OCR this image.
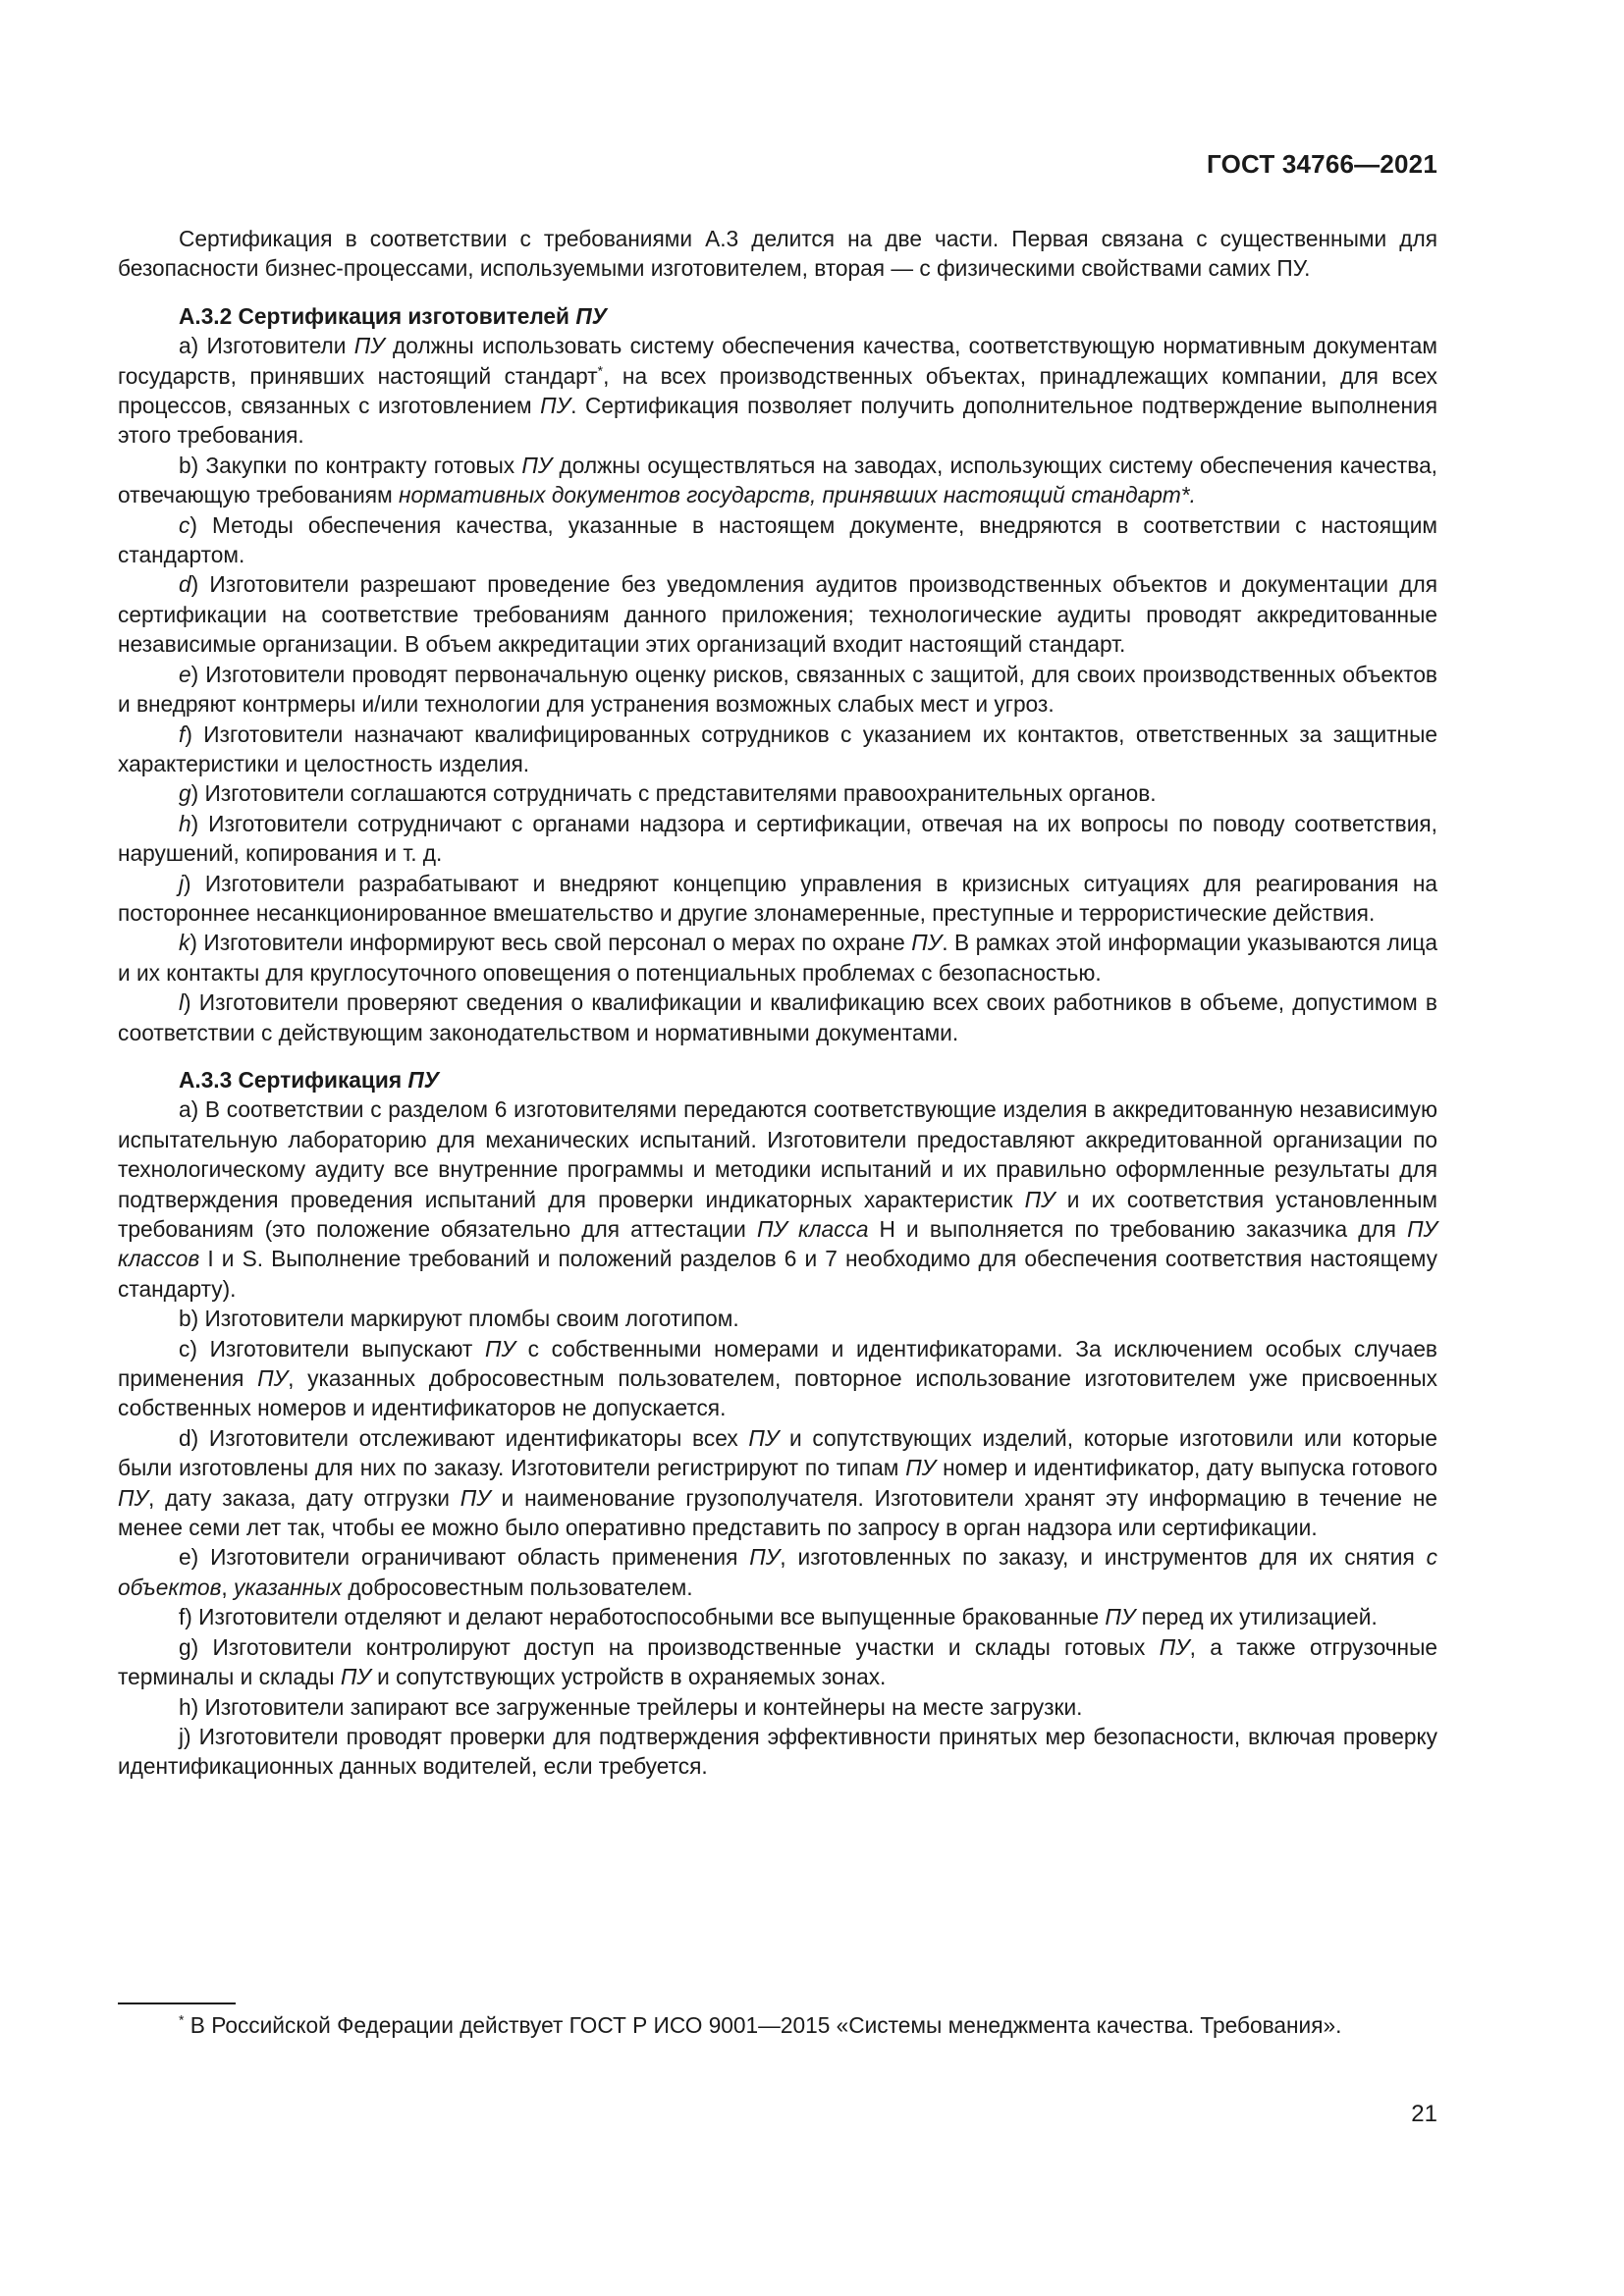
ГОСТ 34766—2021

Сертификация в соответствии с требованиями А.3 делится на две части. Первая связана с существенными для безопасности бизнес-процессами, используемыми изготовителем, вторая — с физическими свойствами самих ПУ.

А.3.2 Сертификация изготовителей ПУ

а) Изготовители ПУ должны использовать систему обеспечения качества, соответствующую нормативным документам государств, принявших настоящий стандарт*, на всех производственных объектах, принадлежащих компании, для всех процессов, связанных с изготовлением ПУ. Сертификация позволяет получить дополнительное подтверждение выполнения этого требования.

b) Закупки по контракту готовых ПУ должны осуществляться на заводах, использующих систему обеспечения качества, отвечающую требованиям нормативных документов государств, принявших настоящий стандарт*.

с) Методы обеспечения качества, указанные в настоящем документе, внедряются в соответствии с настоящим стандартом.

d) Изготовители разрешают проведение без уведомления аудитов производственных объектов и документации для сертификации на соответствие требованиям данного приложения; технологические аудиты проводят аккредитованные независимые организации. В объем аккредитации этих организаций входит настоящий стандарт.

е) Изготовители проводят первоначальную оценку рисков, связанных с защитой, для своих производственных объектов и внедряют контрмеры и/или технологии для устранения возможных слабых мест и угроз.

f) Изготовители назначают квалифицированных сотрудников с указанием их контактов, ответственных за защитные характеристики и целостность изделия.

g) Изготовители соглашаются сотрудничать с представителями правоохранительных органов.

h) Изготовители сотрудничают с органами надзора и сертификации, отвечая на их вопросы по поводу соответствия, нарушений, копирования и т. д.

j) Изготовители разрабатывают и внедряют концепцию управления в кризисных ситуациях для реагирования на постороннее несанкционированное вмешательство и другие злонамеренные, преступные и террористические действия.

k) Изготовители информируют весь свой персонал о мерах по охране ПУ. В рамках этой информации указываются лица и их контакты для круглосуточного оповещения о потенциальных проблемах с безопасностью.

l) Изготовители проверяют сведения о квалификации и квалификацию всех своих работников в объеме, допустимом в соответствии с действующим законодательством и нормативными документами.

А.3.3 Сертификация ПУ

а) В соответствии с разделом 6 изготовителями передаются соответствующие изделия в аккредитованную независимую испытательную лабораторию для механических испытаний. Изготовители предоставляют аккредитованной организации по технологическому аудиту все внутренние программы и методики испытаний и их правильно оформленные результаты для подтверждения проведения испытаний для проверки индикаторных характеристик ПУ и их соответствия установленным требованиям (это положение обязательно для аттестации ПУ класса Н и выполняется по требованию заказчика для ПУ классов I и S. Выполнение требований и положений разделов 6 и 7 необходимо для обеспечения соответствия настоящему стандарту).

b) Изготовители маркируют пломбы своим логотипом.

с) Изготовители выпускают ПУ с собственными номерами и идентификаторами. За исключением особых случаев применения ПУ, указанных добросовестным пользователем, повторное использование изготовителем уже присвоенных собственных номеров и идентификаторов не допускается.

d) Изготовители отслеживают идентификаторы всех ПУ и сопутствующих изделий, которые изготовили или которые были изготовлены для них по заказу. Изготовители регистрируют по типам ПУ номер и идентификатор, дату выпуска готового ПУ, дату заказа, дату отгрузки ПУ и наименование грузополучателя. Изготовители хранят эту информацию в течение не менее семи лет так, чтобы ее можно было оперативно представить по запросу в орган надзора или сертификации.

е) Изготовители ограничивают область применения ПУ, изготовленных по заказу, и инструментов для их снятия с объектов, указанных добросовестным пользователем.

f) Изготовители отделяют и делают неработоспособными все выпущенные бракованные ПУ перед их утилизацией.

g) Изготовители контролируют доступ на производственные участки и склады готовых ПУ, а также отгрузочные терминалы и склады ПУ и сопутствующих устройств в охраняемых зонах.

h) Изготовители запирают все загруженные трейлеры и контейнеры на месте загрузки.

j) Изготовители проводят проверки для подтверждения эффективности принятых мер безопасности, включая проверку идентификационных данных водителей, если требуется.

* В Российской Федерации действует ГОСТ Р ИСО 9001—2015 «Системы менеджмента качества. Требования».
21
